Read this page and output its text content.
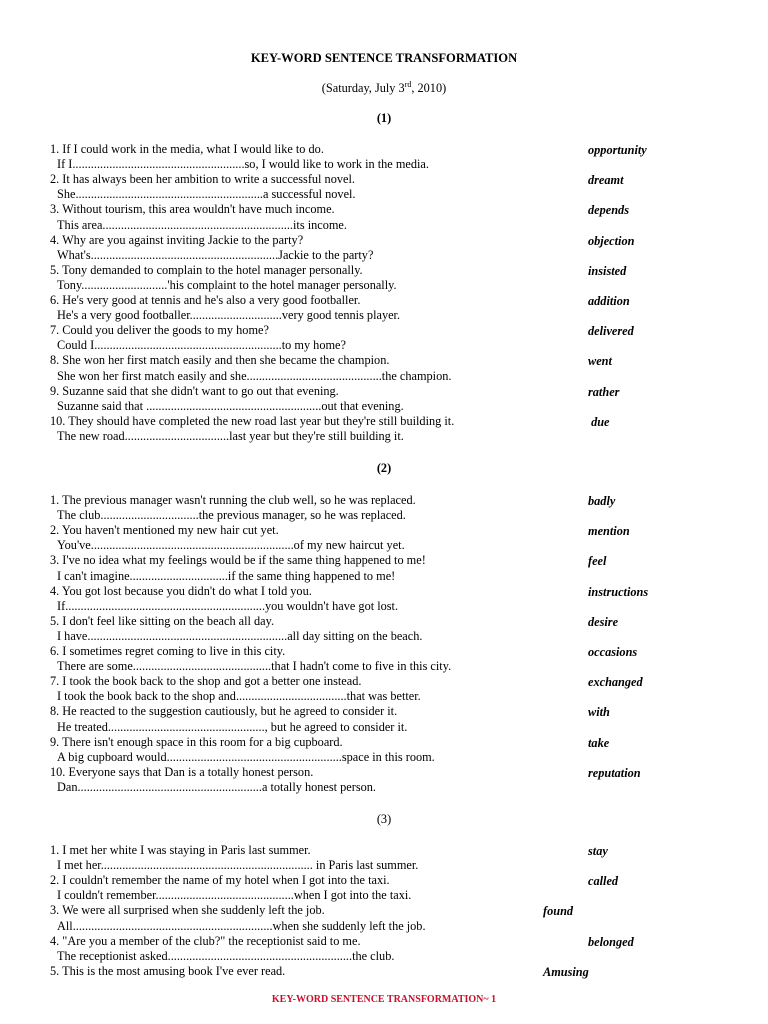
KEY-WORD SENTENCE TRANSFORMATION
(Saturday, July 3rd, 2010)
(1)
1. If I could work in the media, what I would like to do.
If I........................................................so, I would like to work in the media.
opportunity
2. It has always been her ambition to write a successful novel.
She.............................................................a successful novel.
dreamt
3. Without tourism, this area wouldn't have much income.
This area..............................................................its income.
depends
4. Why are you against inviting Jackie to the party?
What's.............................................................Jackie to the party?
objection
5. Tony demanded to complain to the hotel manager personally.
Tony............................'his complaint to the hotel manager personally.
insisted
6. He's very good at tennis and he's also a very good footballer.
He's a very good footballer..............................very good tennis player.
addition
7. Could you deliver the goods to my home?
Could I.............................................................to my home?
delivered
8. She won her first match easily and then she became the champion.
She won her first match easily and she............................................the champion.
went
9. Suzanne said that she didn't want to go out that evening.
Suzanne said that .........................................................out that evening.
rather
10. They should have completed the new road last year but they're still building it.
The new road..................................last year but they're still building it.
due
(2)
1. The previous manager wasn't running the club well, so he was replaced.
The club................................the previous manager, so he was replaced.
badly
2. You haven't mentioned my new hair cut yet.
You've..................................................................of my new haircut yet.
mention
3. I've no idea what my feelings would be if the same thing happened to me!
I can't imagine................................if the same thing happened to me!
feel
4. You got lost because you didn't do what I told you.
If.................................................................you wouldn't have got lost.
instructions
5. I don't feel like sitting on the beach all day.
I have.................................................................all day sitting on the beach.
desire
6. I sometimes regret coming to live in this city.
There are some.............................................that I hadn't come to five in this city.
occasions
7. I took the book back to the shop and got a better one instead.
I took the book back to the shop and....................................that was better.
exchanged
8. He reacted to the suggestion cautiously, but he agreed to consider it.
He treated..................................................., but he agreed to consider it.
with
9. There isn't enough space in this room for a big cupboard.
A big cupboard would.........................................................space in this room.
take
10. Everyone says that Dan is a totally honest person.
Dan............................................................a totally honest person.
reputation
(3)
1. I met her white I was staying in Paris last summer.
I met her..................................................................... in Paris last summer.
stay
2. I couldn't remember the name of my hotel when I got into the taxi.
I couldn't remember.............................................when I got into the taxi.
called
3. We were all surprised when she suddenly left the job.
All.................................................................when she suddenly left the job.
found
4. "Are you a member of the club?" the receptionist said to me.
The receptionist asked............................................................the club.
belonged
5. This is the most amusing book I've ever read.	Amusing
KEY-WORD SENTENCE TRANSFORMATION~ 1
